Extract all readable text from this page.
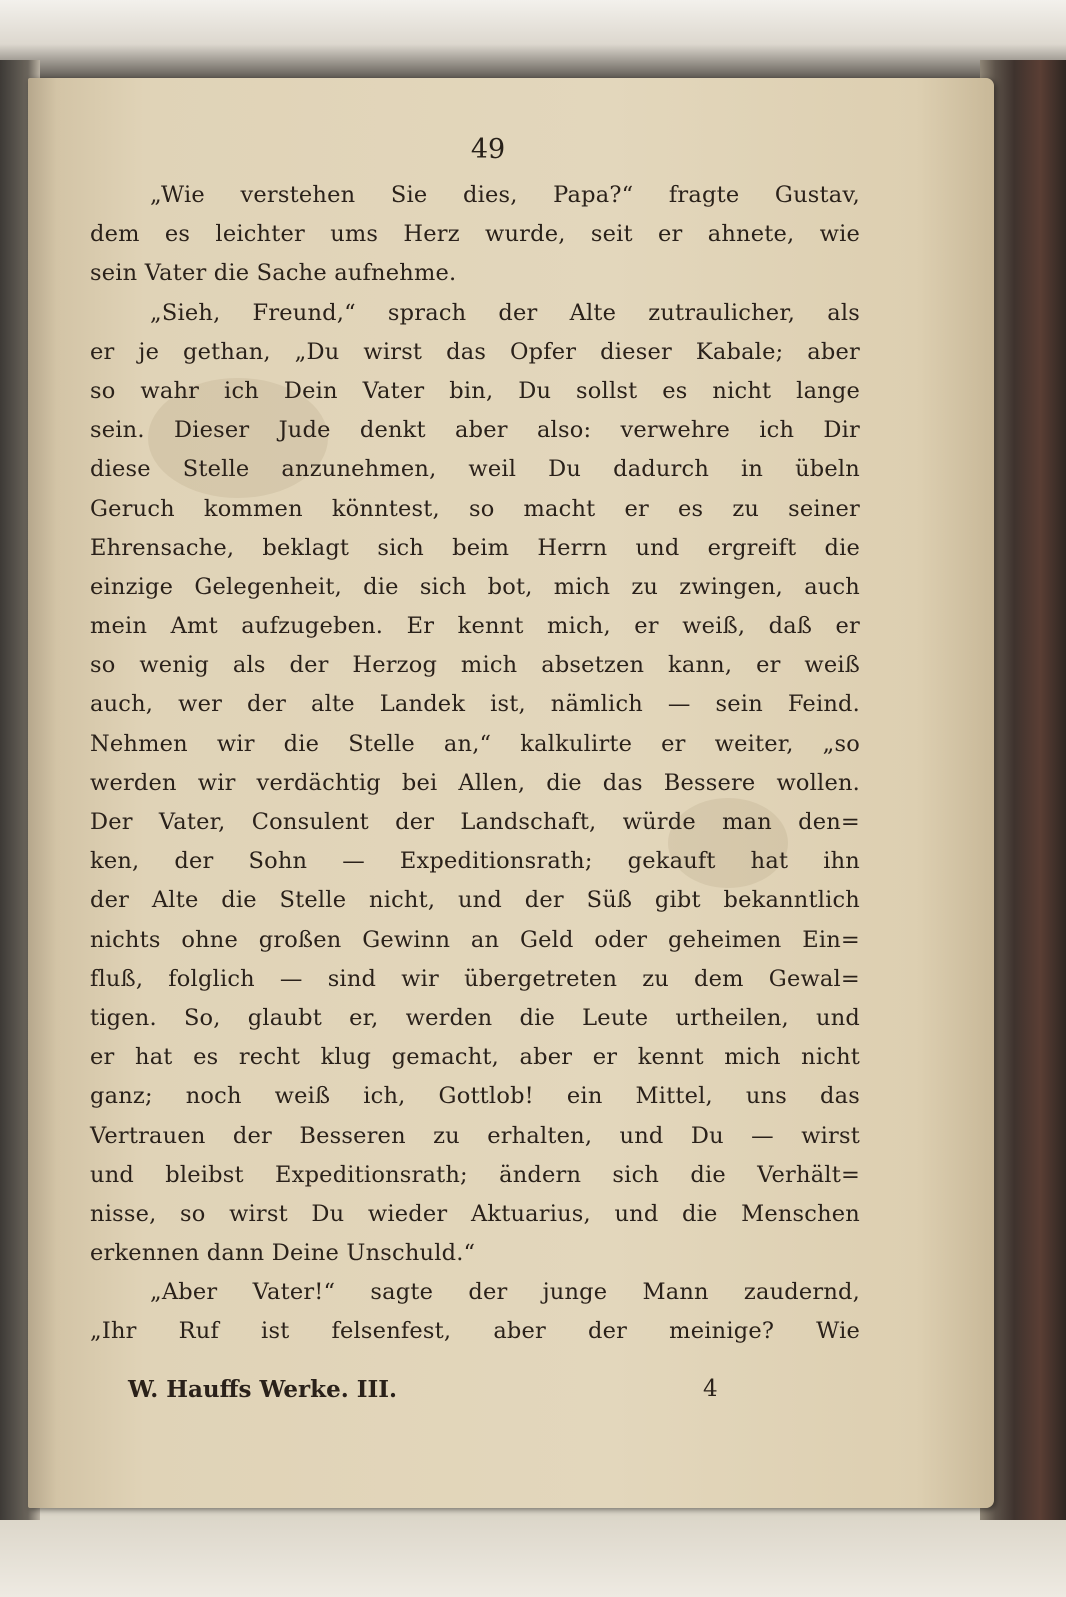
49
„Wie verstehen Sie dies, Papa?“ fragte Gustav,
dem es leichter ums Herz wurde, seit er ahnete, wie
sein Vater die Sache aufnehme.
„Sieh, Freund,“ sprach der Alte zutraulicher, als
er je gethan, „Du wirst das Opfer dieser Kabale; aber
so wahr ich Dein Vater bin, Du sollst es nicht lange
sein. Dieser Jude denkt aber also: verwehre ich Dir
diese Stelle anzunehmen, weil Du dadurch in übeln
Geruch kommen könntest, so macht er es zu seiner
Ehrensache, beklagt sich beim Herrn und ergreift die
einzige Gelegenheit, die sich bot, mich zu zwingen, auch
mein Amt aufzugeben. Er kennt mich, er weiß, daß er
so wenig als der Herzog mich absetzen kann, er weiß
auch, wer der alte Landek ist, nämlich — sein Feind.
Nehmen wir die Stelle an,“ kalkulirte er weiter, „so
werden wir verdächtig bei Allen, die das Bessere wollen.
Der Vater, Consulent der Landschaft, würde man den=
ken, der Sohn — Expeditionsrath; gekauft hat ihn
der Alte die Stelle nicht, und der Süß gibt bekanntlich
nichts ohne großen Gewinn an Geld oder geheimen Ein=
fluß, folglich — sind wir übergetreten zu dem Gewal=
tigen. So, glaubt er, werden die Leute urtheilen, und
er hat es recht klug gemacht, aber er kennt mich nicht
ganz; noch weiß ich, Gottlob! ein Mittel, uns das
Vertrauen der Besseren zu erhalten, und Du — wirst
und bleibst Expeditionsrath; ändern sich die Verhält=
nisse, so wirst Du wieder Aktuarius, und die Menschen
erkennen dann Deine Unschuld.“
„Aber Vater!“ sagte der junge Mann zaudernd,
„Ihr Ruf ist felsenfest, aber der meinige? Wie
W. Hauffs Werke. III.	4
